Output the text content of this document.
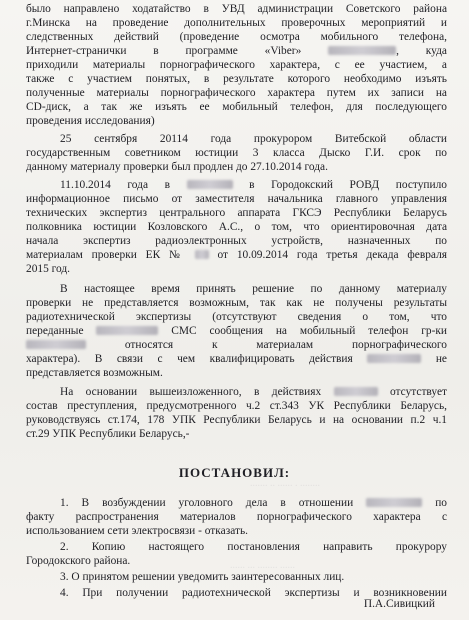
........ . ...... .. .......
...... ........ ... ......
было направлено ходатайство в УВД администрации Советского района
г.Минска на проведение дополнительных проверочных мероприятий и
следственных действий (проведение осмотра мобильного телефона,
Интернет-странички в программе «Viber»	, куда
приходили материалы порнографического характера, с ее участием, а
также с участием понятых, в результате которого необходимо изъять
полученные материалы порнографического характера путем их записи на
CD-диск, а так же изъять ее мобильный телефон, для последующего
проведения исследования)
25 сентября 20114 года прокурором Витебской области
государственным советником юстиции 3 класса Дыско Г.И. срок по
данному материалу проверки был продлен до 27.10.2014 года.
11.10.2014 года в	в Городокский РОВД поступило
информационное письмо от заместителя начальника главного управления
технических экспертиз центрального аппарата ГКСЭ Республики Беларусь
полковника юстиции Козловского А.С., о том, что ориентировочная дата
начала экспертиз радиоэлектронных устройств, назначенных по
материалам проверки ЕК №  от 10.09.2014 года третья декада февраля
2015 год.
В настоящее время принять решение по данному материалу
проверки не представляется возможным, так как не получены результаты
радиотехнической экспертизы (отсутствуют сведения о том, что
переданные	СМС сообщения на мобильный телефон гр-ки
относятся к материалам порнографического
характера). В связи с чем квалифицировать действия	не
представляется возможным.
На основании вышеизложенного, в действиях	отсутствует
состав преступления, предусмотренного ч.2 ст.343 УК Республики Беларусь,
руководствуясь ст.174, 178 УПК Республики Беларусь и на основании п.2 ч.1
ст.29 УПК Республики Беларусь,-
ПОСТАНОВИЛ:
1. В возбуждении уголовного дела в отношении	по
факту распространения материалов порнографического характера с
использованием сети электросвязи - отказать.
2. Копию настоящего постановления направить прокурору
Городокского района.
3. О принятом решении уведомить заинтересованных лиц.
4. При получении радиотехнической экспертизы и возникновении
П.А.Сивицкий
